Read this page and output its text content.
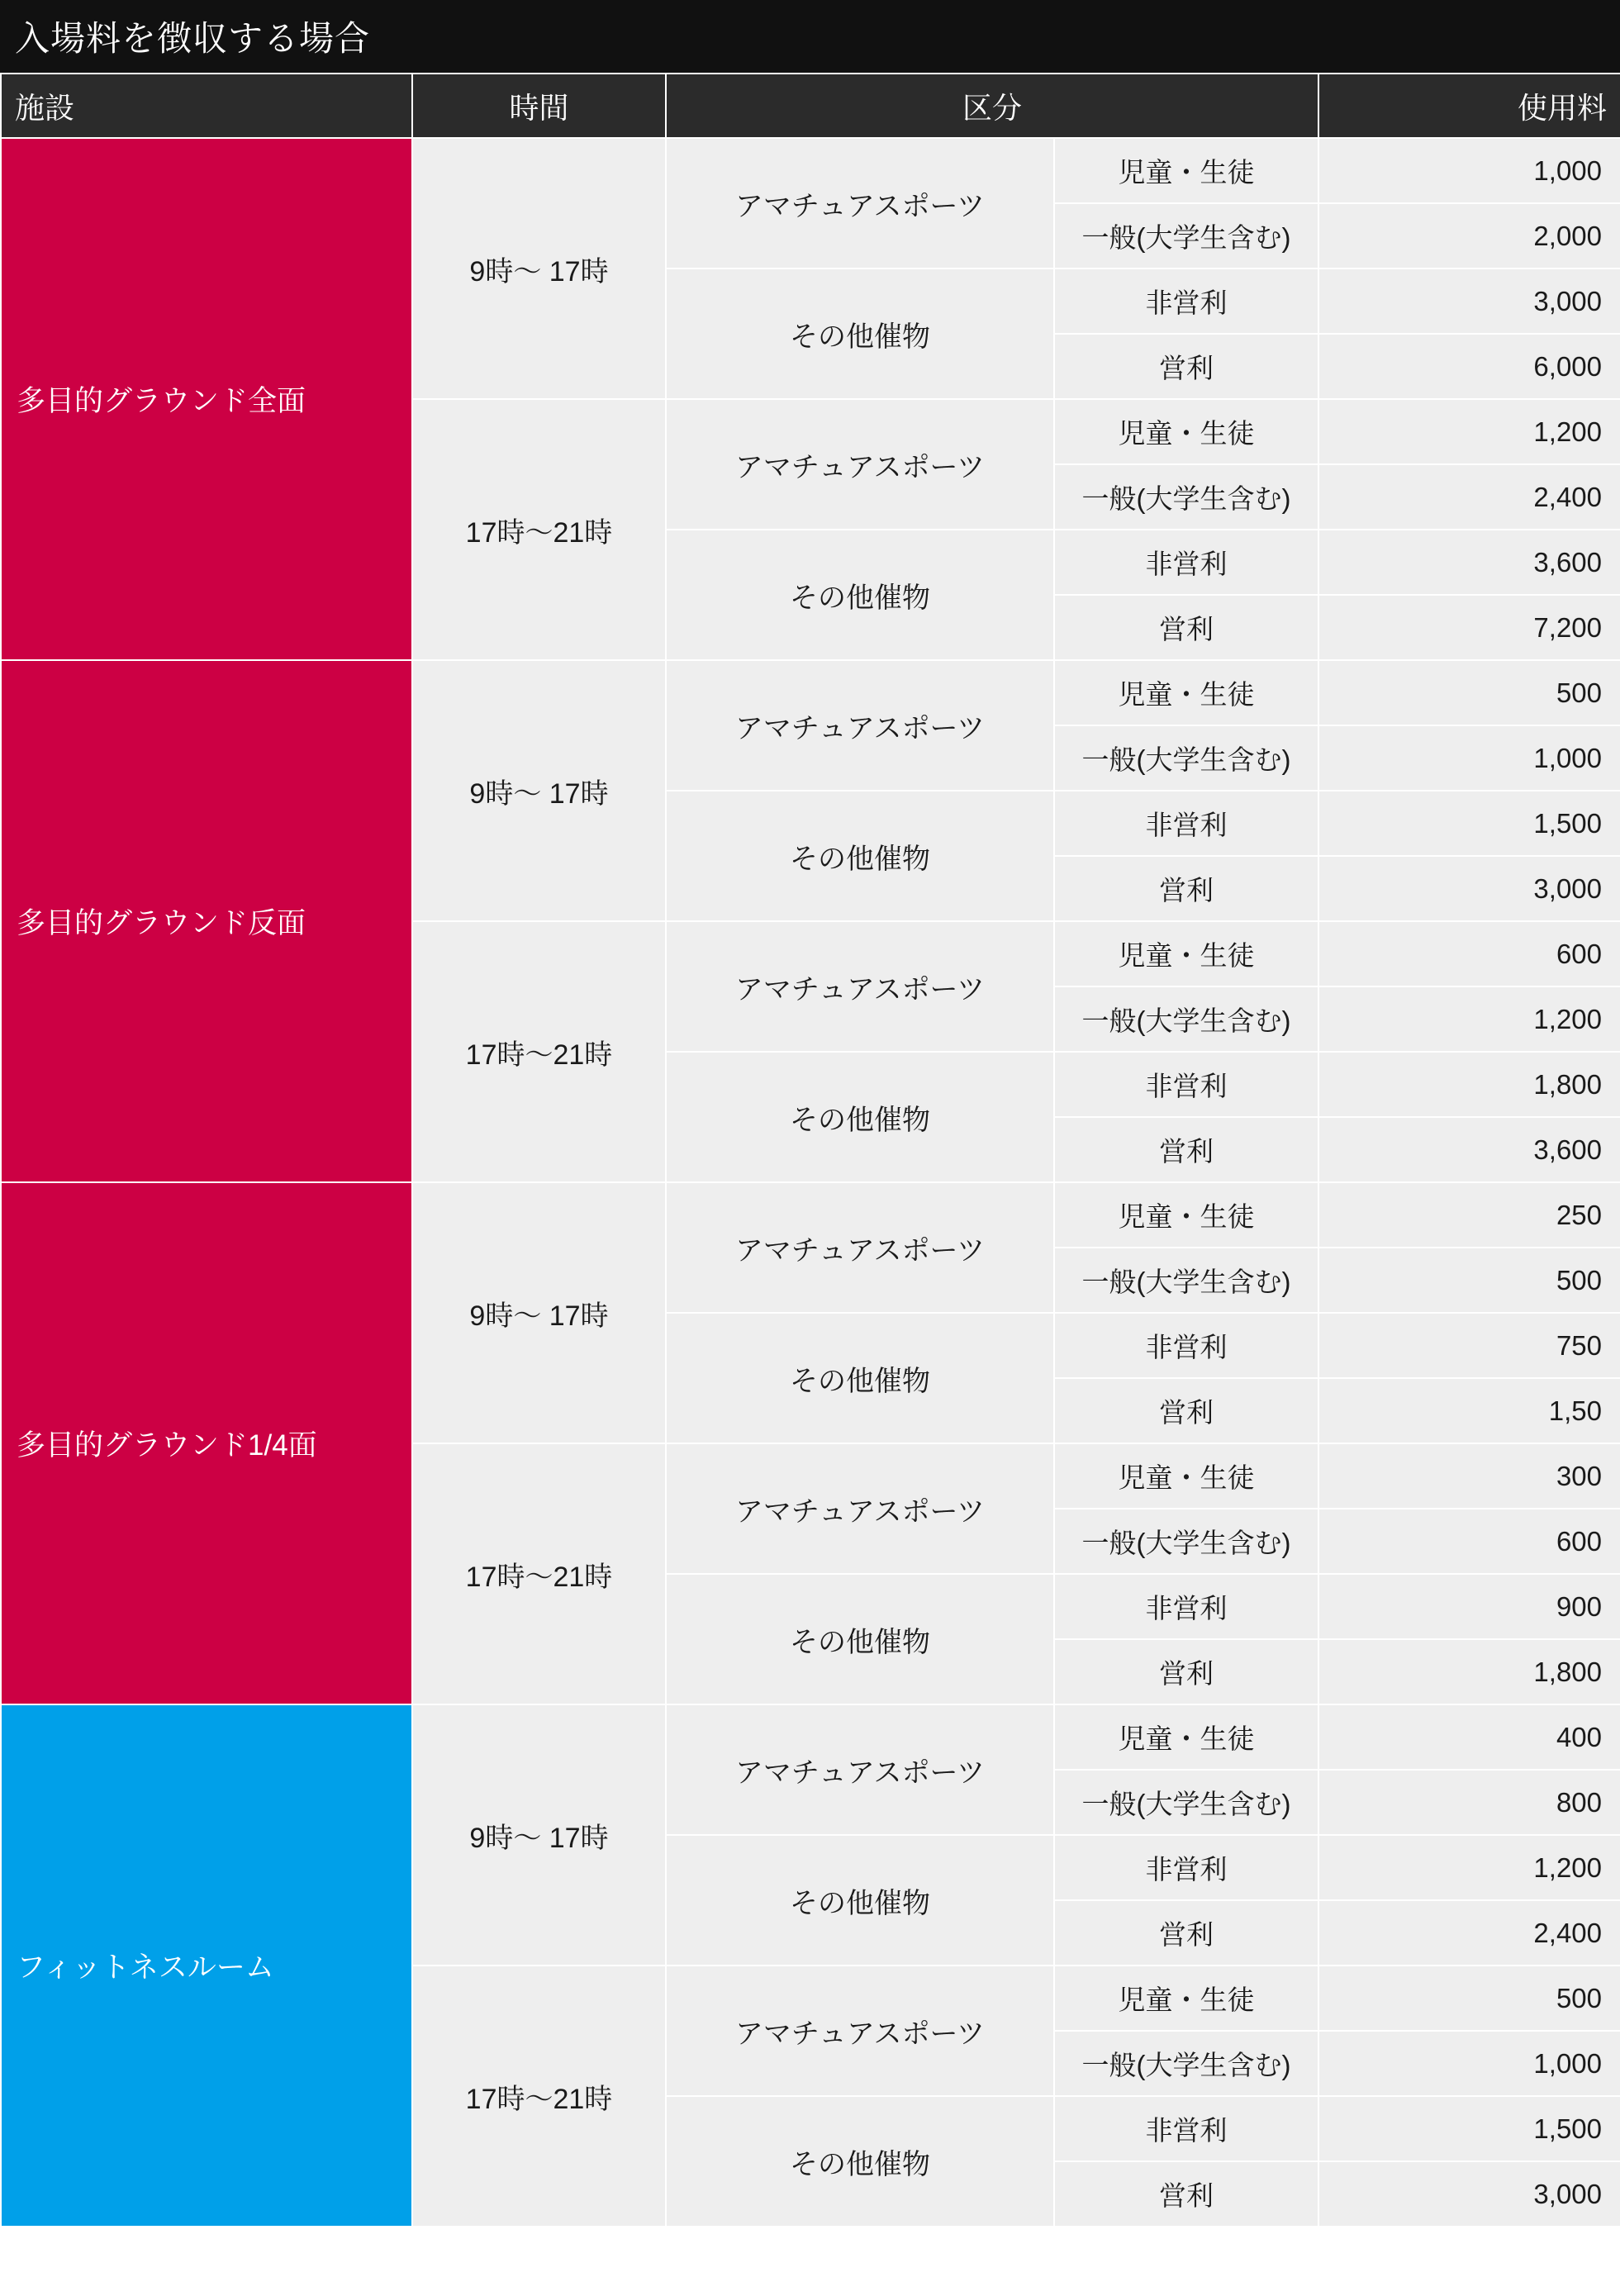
入場料を徴収する場合
施設	時間	区分		使用料
多目的グラウンド全面	9時〜 17時	アマチュアスポーツ	児童・生徒	1,000
			一般(大学生含む)	2,000
		その他催物	非営利	3,000
			営利	6,000
	17時〜21時	アマチュアスポーツ	児童・生徒	1,200
			一般(大学生含む)	2,400
		その他催物	非営利	3,600
			営利	7,200
多目的グラウンド反面	9時〜 17時	アマチュアスポーツ	児童・生徒	500
			一般(大学生含む)	1,000
		その他催物	非営利	1,500
			営利	3,000
	17時〜21時	アマチュアスポーツ	児童・生徒	600
			一般(大学生含む)	1,200
		その他催物	非営利	1,800
			営利	3,600
多目的グラウンド1/4面	9時〜 17時	アマチュアスポーツ	児童・生徒	250
			一般(大学生含む)	500
		その他催物	非営利	750
			営利	1,50
	17時〜21時	アマチュアスポーツ	児童・生徒	300
			一般(大学生含む)	600
		その他催物	非営利	900
			営利	1,800
フィットネスルーム	9時〜 17時	アマチュアスポーツ	児童・生徒	400
			一般(大学生含む)	800
		その他催物	非営利	1,200
			営利	2,400
	17時〜21時	アマチュアスポーツ	児童・生徒	500
			一般(大学生含む)	1,000
		その他催物	非営利	1,500
			営利	3,000
